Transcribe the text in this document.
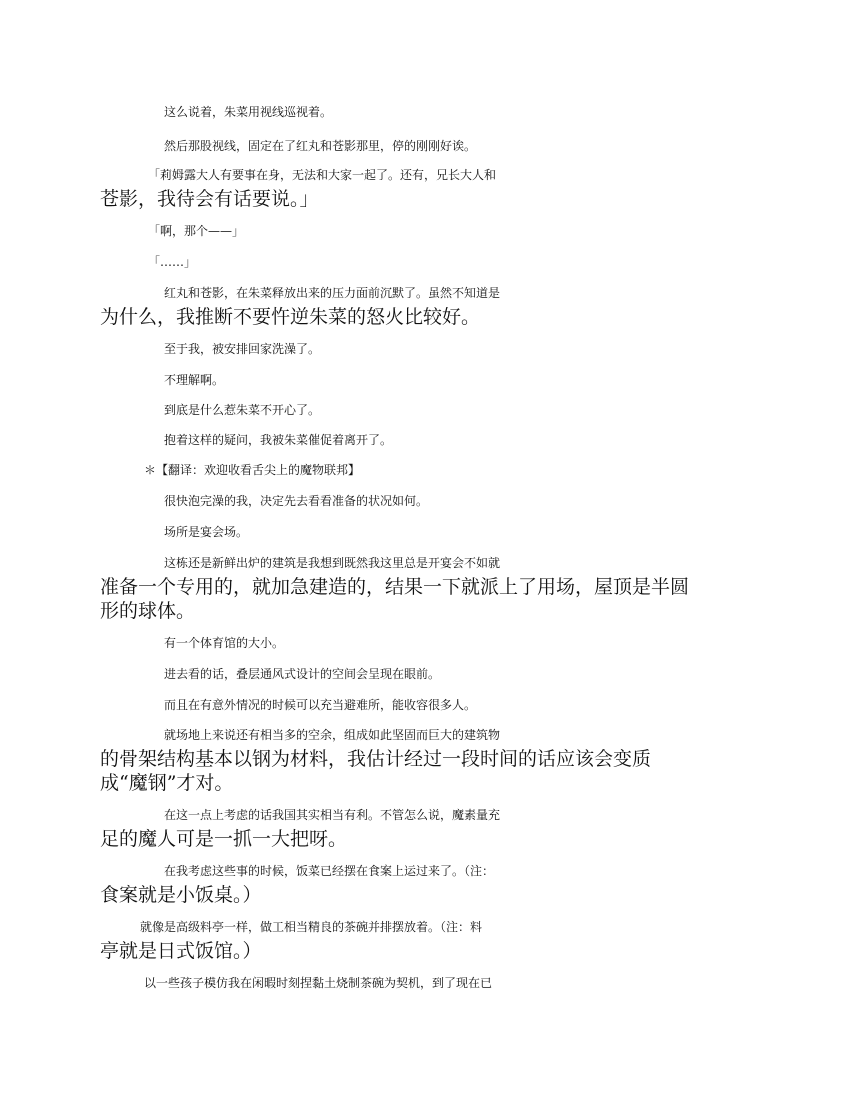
这么说着，朱菜用视线巡视着。

然后那股视线，固定在了红丸和苍影那里，停的刚刚好诶。

「莉姆露大人有要事在身，无法和大家一起了。还有，兄长大人和

苍影，我待会有话要说。」

「啊，那个——」

「……」

红丸和苍影，在朱菜释放出来的压力面前沉默了。虽然不知道是

为什么，我推断不要忤逆朱菜的怒火比较好。

至于我，被安排回家洗澡了。

不理解啊。

到底是什么惹朱菜不开心了。

抱着这样的疑问，我被朱菜催促着离开了。

＊【翻译：欢迎收看舌尖上的魔物联邦】

很快泡完澡的我，决定先去看看准备的状况如何。

场所是宴会场。

这栋还是新鲜出炉的建筑是我想到既然我这里总是开宴会不如就

准备一个专用的，就加急建造的，结果一下就派上了用场，屋顶是半圆

形的球体。

有一个体育馆的大小。

进去看的话，叠层通风式设计的空间会呈现在眼前。

而且在有意外情况的时候可以充当避难所，能收容很多人。

就场地上来说还有相当多的空余，组成如此坚固而巨大的建筑物

的骨架结构基本以钢为材料，我估计经过一段时间的话应该会变质

成“魔钢”才对。

在这一点上考虑的话我国其实相当有利。不管怎么说，魔素量充

足的魔人可是一抓一大把呀。

在我考虑这些事的时候，饭菜已经摆在食案上运过来了。（注：

食案就是小饭桌。）

就像是高级料亭一样，做工相当精良的茶碗并排摆放着。（注：料

亭就是日式饭馆。）

以一些孩子模仿我在闲暇时刻捏黏土烧制茶碗为契机，到了现在已
